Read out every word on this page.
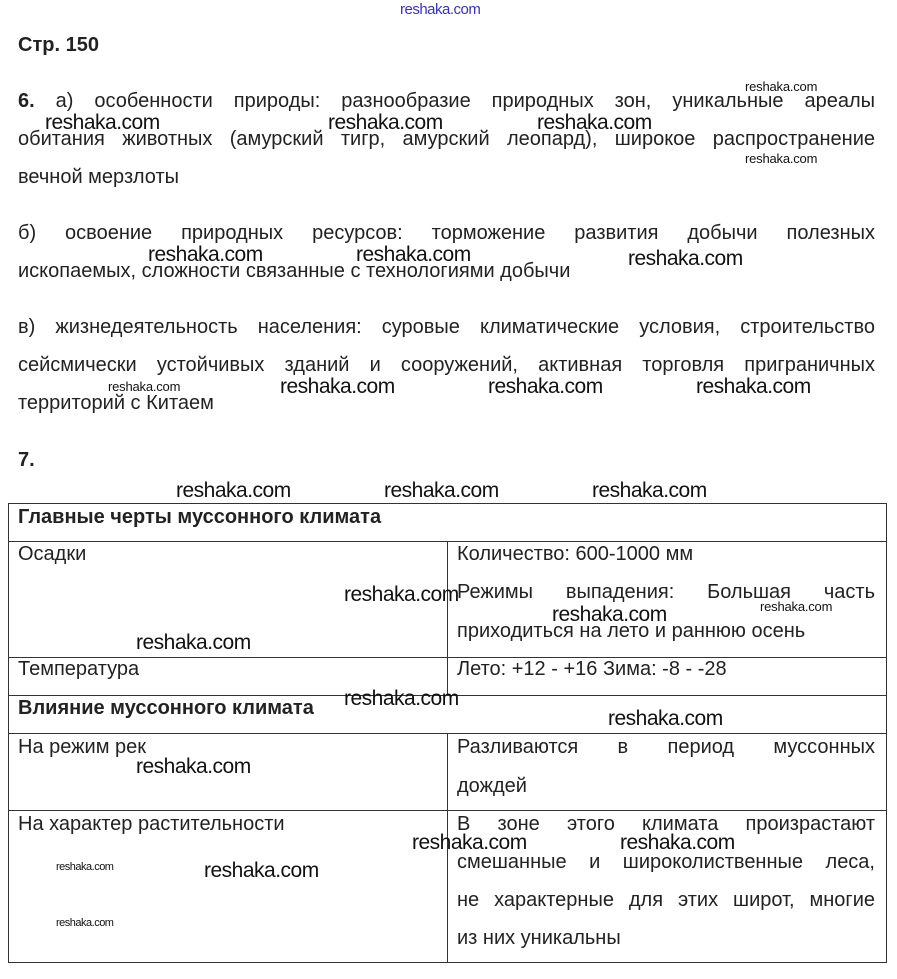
Стр. 150
6. а) особенности природы: разнообразие природных зон, уникальные ареалы
обитания животных (амурский тигр, амурский леопард), широкое распространение
вечной мерзлоты
б) освоение природных ресурсов: торможение развития добычи полезных
ископаемых, сложности связанные с технологиями добычи
в) жизнедеятельность населения: суровые климатические условия, строительство
сейсмически устойчивых зданий и сооружений, активная торговля приграничных
территорий с Китаем
7.

Главные черты муссонного климата
Осадки	Количество: 600-1000 мм
Режимы выпадения: Большая часть
приходиться на лето и раннюю осень
Температура	Лето: +12 - +16 Зима: -8 - -28
Влияние муссонного климата
На режим рек	Разливаются в период муссонных
дождей
На характер растительности	В зоне этого климата произрастают
смешанные и широколиственные леса,
не характерные для этих широт, многие
из них уникальны
reshaka.com
reshaka.com
reshaka.com	reshaka.com	reshaka.com
reshaka.com
reshaka.com	reshaka.com	reshaka.com
reshaka.com	reshaka.com	reshaka.com	reshaka.com
reshaka.com	reshaka.com	reshaka.com
reshaka.com
reshaka.com	reshaka.com
reshaka.com
reshaka.com
reshaka.com
reshaka.com
reshaka.com	reshaka.com
reshaka.com	reshaka.com
reshaka.com
